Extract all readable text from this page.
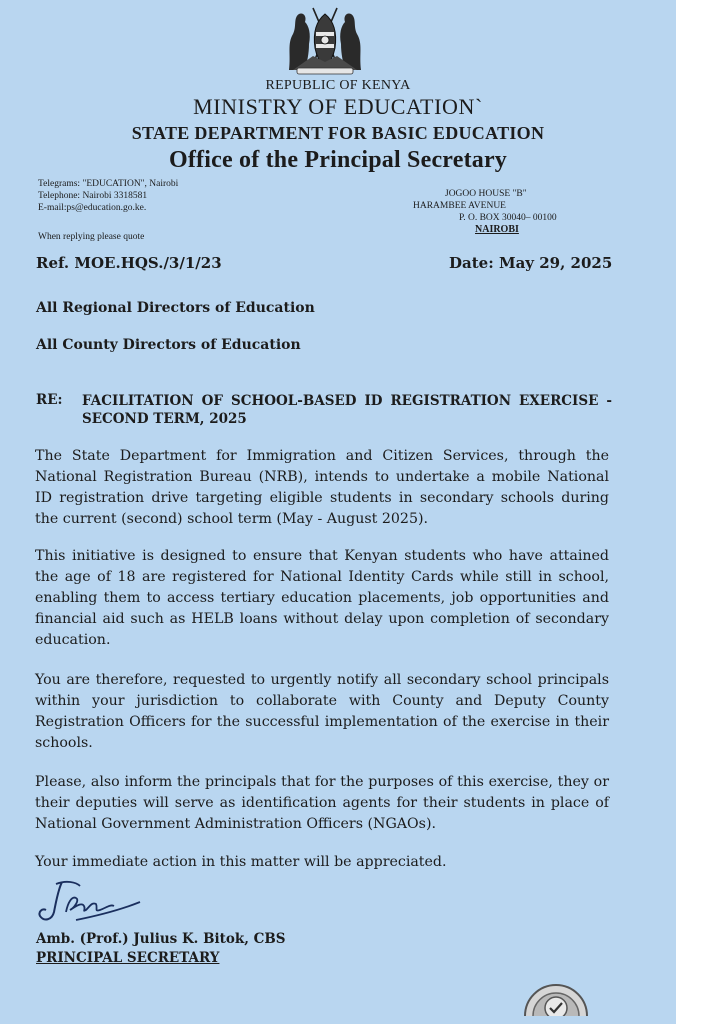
REPUBLIC OF KENYA
MINISTRY OF EDUCATION`
STATE DEPARTMENT FOR BASIC EDUCATION
Office of the Principal Secretary
Telegrams: "EDUCATION", Nairobi
Telephone: Nairobi 3318581
E-mail:ps@education.go.ke.
When replying please quote
JOGOO HOUSE "B"
HARAMBEE AVENUE
P. O. BOX 30040– 00100
NAIROBI
Ref. MOE.HQS./3/1/23	Date: May 29, 2025
All Regional Directors of Education
All County Directors of Education
RE: FACILITATION OF SCHOOL-BASED ID REGISTRATION EXERCISE - SECOND TERM, 2025
The State Department for Immigration and Citizen Services, through the National Registration Bureau (NRB), intends to undertake a mobile National ID registration drive targeting eligible students in secondary schools during the current (second) school term (May - August 2025).
This initiative is designed to ensure that Kenyan students who have attained the age of 18 are registered for National Identity Cards while still in school, enabling them to access tertiary education placements, job opportunities and financial aid such as HELB loans without delay upon completion of secondary education.
You are therefore, requested to urgently notify all secondary school principals within your jurisdiction to collaborate with County and Deputy County Registration Officers for the successful implementation of the exercise in their schools.
Please, also inform the principals that for the purposes of this exercise, they or their deputies will serve as identification agents for their students in place of National Government Administration Officers (NGAOs).
Your immediate action in this matter will be appreciated.
Amb. (Prof.) Julius K. Bitok, CBS
PRINCIPAL SECRETARY
